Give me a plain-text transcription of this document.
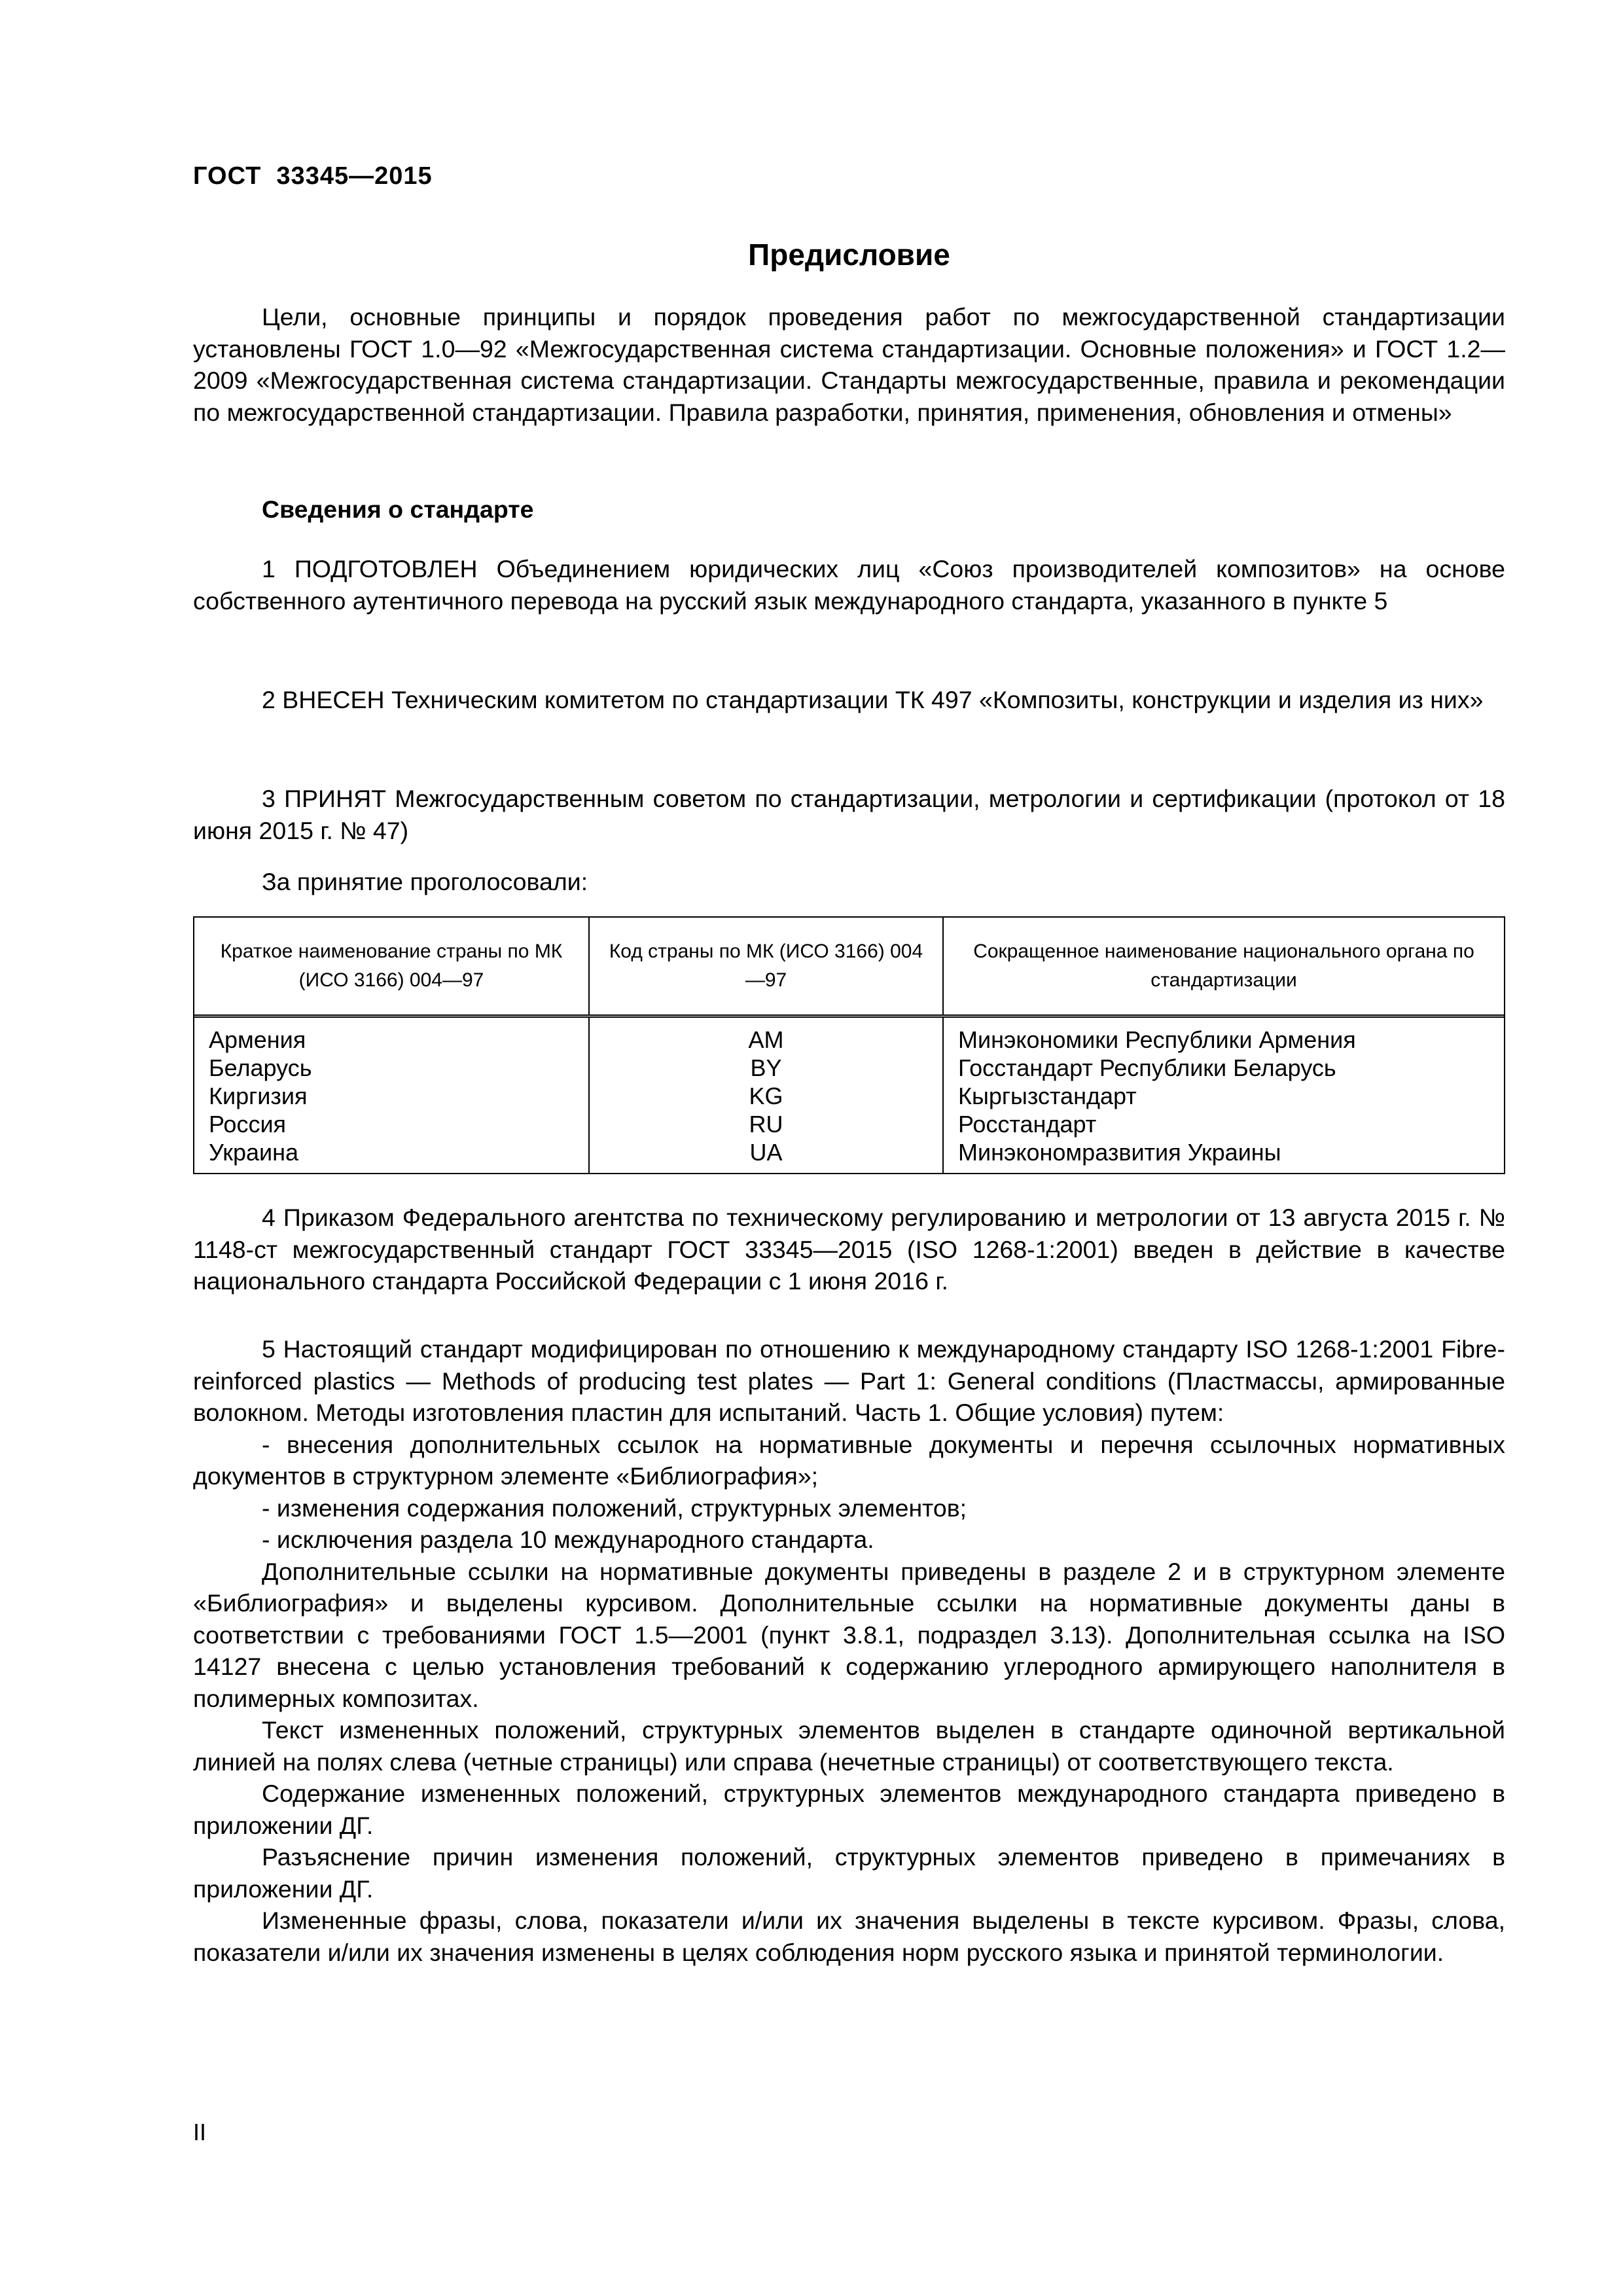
ГОСТ  33345—2015
Предисловие

Цели, основные принципы и порядок проведения работ по межгосударственной стандартизации установлены ГОСТ 1.0—92 «Межгосударственная система стандартизации. Основные положения» и ГОСТ 1.2—2009 «Межгосударственная система стандартизации. Стандарты межгосударственные, правила и рекомендации по межгосударственной стандартизации. Правила разработки, принятия, применения, обновления и отмены»

Сведения о стандарте

1 ПОДГОТОВЛЕН Объединением юридических лиц «Союз производителей композитов» на основе собственного аутентичного перевода на русский язык международного стандарта, указанного в пункте 5

2 ВНЕСЕН Техническим комитетом по стандартизации ТК 497 «Композиты, конструкции и изделия из них»

3 ПРИНЯТ Межгосударственным советом по стандартизации, метрологии и сертификации (протокол от 18 июня 2015 г. № 47)

За принятие проголосовали:
Краткое наименование страны по МК (ИСО 3166) 004—97
Код страны по МК (ИСО 3166) 004—97
Сокращенное наименование национального органа по стандартизации
Армения
Беларусь
Киргизия
Россия
Украина
AM
BY
KG
RU
UA
Минэкономики Республики Армения
Госстандарт Республики Беларусь
Кыргызстандарт
Росстандарт
Минэкономразвития Украины

4 Приказом Федерального агентства по техническому регулированию и метрологии от 13 августа 2015 г. № 1148-ст межгосударственный стандарт ГОСТ 33345—2015 (ISO 1268-1:2001) введен в действие в качестве национального стандарта Российской Федерации с 1 июня 2016 г.

5 Настоящий стандарт модифицирован по отношению к международному стандарту ISO 1268-1:2001 Fibre-reinforced plastics — Methods of producing test plates — Part 1: General conditions (Пластмассы, армированные волокном. Методы изготовления пластин для испытаний. Часть 1. Общие условия) путем:

- внесения дополнительных ссылок на нормативные документы и перечня ссылочных нормативных документов в структурном элементе «Библиография»;

- изменения содержания положений, структурных элементов;

- исключения раздела 10 международного стандарта.

Дополнительные ссылки на нормативные документы приведены в разделе 2 и в структурном элементе «Библиография» и выделены курсивом. Дополнительные ссылки на нормативные документы даны в соответствии с требованиями ГОСТ 1.5—2001 (пункт 3.8.1, подраздел 3.13). Дополнительная ссылка на ISO 14127 внесена с целью установления требований к содержанию углеродного армирующего наполнителя в полимерных композитах.

Текст измененных положений, структурных элементов выделен в стандарте одиночной вертикальной линией на полях слева (четные страницы) или справа (нечетные страницы) от соответствующего текста.

Содержание измененных положений, структурных элементов международного стандарта приведено в приложении ДГ.

Разъяснение причин изменения положений, структурных элементов приведено в примечаниях в приложении ДГ.

Измененные фразы, слова, показатели и/или их значения выделены в тексте курсивом. Фразы, слова, показатели и/или их значения изменены в целях соблюдения норм русского языка и принятой терминологии.

II
